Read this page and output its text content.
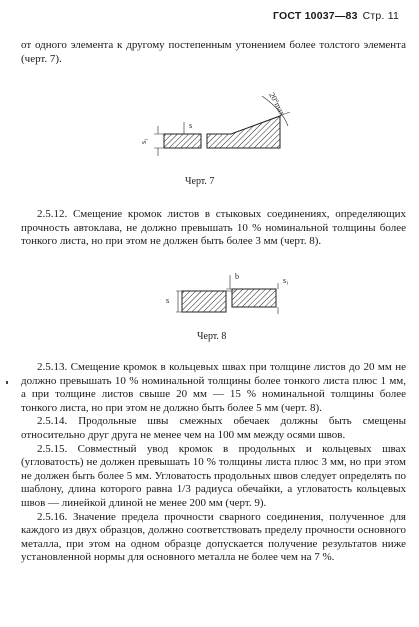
ГОСТ 10037—83 Стр. 11

от одного элемента к другому постепенным утонением более толстого элемента (черт. 7).

s₁
s
20°max
Черт. 7

2.5.12. Смещение кромок листов в стыковых соединениях, определяющих прочность автоклава, не должно превышать 10 % номинальной толщины более тонкого листа, но при этом не должен быть более 3 мм (черт. 8).

s
b	s₁
Черт. 8

2.5.13. Смещение кромок в кольцевых швах при толщине листов до 20 мм не должно превышать 10 % номинальной толщины более тонкого листа плюс 1 мм, а при толщине листов свыше 20 мм — 15 % номинальной толщины более тонкого листа, но при этом не должно быть более 5 мм (черт. 8).

2.5.14. Продольные швы смежных обечаек должны быть смещены относительно друг друга не менее чем на 100 мм между осями швов.

2.5.15. Совместный увод кромок в продольных и кольцевых швах (угловатость) не должен превышать 10 % толщины листа плюс 3 мм, но при этом не должен быть более 5 мм. Угловатость продольных швов следует определять по шаблону, длина которого равна 1/3 радиуса обечайки, а угловатость кольцевых швов — линейкой длиной не менее 200 мм (черт. 9).

2.5.16. Значение предела прочности сварного соединения, полученное для каждого из двух образцов, должно соответствовать пределу прочности основного металла, при этом на одном образце допускается получение результатов ниже установленной нормы для основного металла не более чем на 7 %.
